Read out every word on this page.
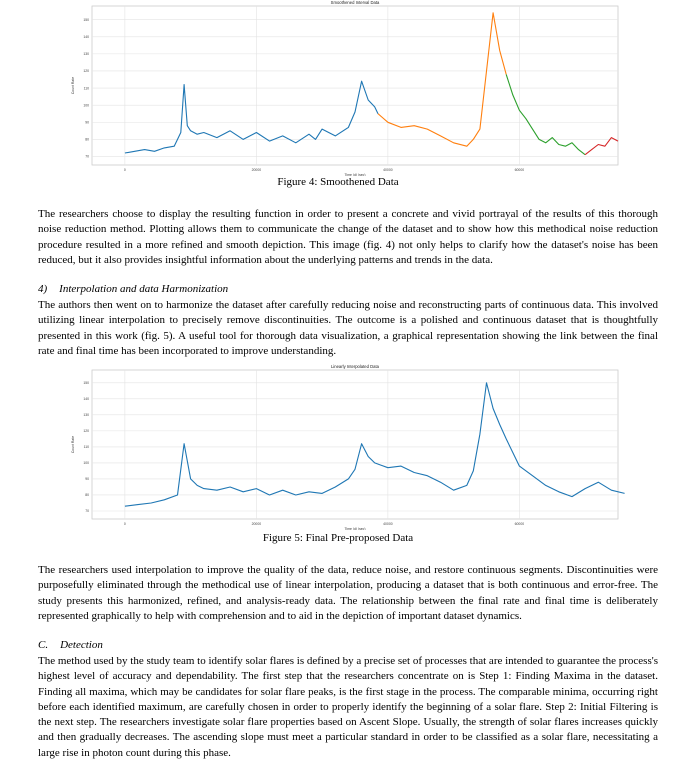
0	20000	40000	60000
70
80
90
100
110
120
130
140
150
Smoothened Interval Data
Time (d) (sec)
Count Rate
Figure 4: Smoothened Data
The researchers choose to display the resulting function in order to present a concrete and vivid portrayal of the results of this thorough noise reduction method. Plotting allows them to communicate the change of the dataset and to show how this methodical noise reduction procedure resulted in a more refined and smooth depiction. This image (fig. 4) not only helps to clarify how the dataset's noise has been reduced, but it also provides insightful information about the underlying patterns and trends in the data.
4) Interpolation and data Harmonization
The authors then went on to harmonize the dataset after carefully reducing noise and reconstructing parts of continuous data. This involved utilizing linear interpolation to precisely remove discontinuities. The outcome is a polished and continuous dataset that is thoughtfully presented in this work (fig. 5). A useful tool for thorough data visualization, a graphical representation showing the link between the final rate and final time has been incorporated to improve understanding.
0	20000	40000	60000
70
80
90
100
110
120
130
140
150
Linearly Interpolated Data
Time (d) (sec)
Count Rate
Figure 5: Final Pre-proposed Data
The researchers used interpolation to improve the quality of the data, reduce noise, and restore continuous segments. Discontinuities were purposefully eliminated through the methodical use of linear interpolation, producing a dataset that is both continuous and error-free. The study presents this harmonized, refined, and analysis-ready data. The relationship between the final rate and final time is deliberately represented graphically to help with comprehension and to aid in the depiction of important dataset dynamics.
C. Detection
The method used by the study team to identify solar flares is defined by a precise set of processes that are intended to guarantee the process's highest level of accuracy and dependability. The first step that the researchers concentrate on is Step 1: Finding Maxima in the dataset. Finding all maxima, which may be candidates for solar flare peaks, is the first stage in the process. The comparable minima, occurring right before each identified maximum, are carefully chosen in order to properly identify the beginning of a solar flare. Step 2: Initial Filtering is the next step. The researchers investigate solar flare properties based on Ascent Slope. Usually, the strength of solar flares increases quickly and then gradually decreases. The ascending slope must meet a particular standard in order to be classified as a solar flare, necessitating a large rise in photon count during this phase.
